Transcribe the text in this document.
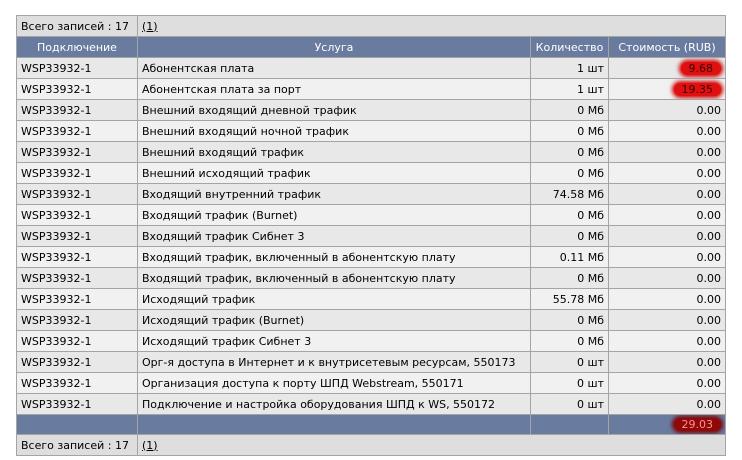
Всего записей : 17	(1)		
Подключение	Услуга	Количество	Стоимость (RUB)
WSP33932-1	Абонентская плата	1 шт	9.68
WSP33932-1	Абонентская плата за порт	1 шт	19.35
WSP33932-1	Внешний входящий дневной трафик	0 Мб	0.00
WSP33932-1	Внешний входящий ночной трафик	0 Мб	0.00
WSP33932-1	Внешний входящий трафик	0 Мб	0.00
WSP33932-1	Внешний исходящий трафик	0 Мб	0.00
WSP33932-1	Входящий внутренний трафик	74.58 Мб	0.00
WSP33932-1	Входящий трафик (Burnet)	0 Мб	0.00
WSP33932-1	Входящий трафик Сибнет 3	0 Мб	0.00
WSP33932-1	Входящий трафик, включенный в абонентскую плату	0.11 Мб	0.00
WSP33932-1	Входящий трафик, включенный в абонентскую плату	0 Мб	0.00
WSP33932-1	Исходящий трафик	55.78 Мб	0.00
WSP33932-1	Исходящий трафик (Burnet)	0 Мб	0.00
WSP33932-1	Исходящий трафик Сибнет 3	0 Мб	0.00
WSP33932-1	Орг-я доступа в Интернет и к внутрисетевым ресурсам, 550173	0 шт	0.00
WSP33932-1	Организация доступа к порту ШПД Webstream, 550171	0 шт	0.00
WSP33932-1	Подключение и настройка оборудования ШПД к WS, 550172	0 шт	0.00
			29.03
Всего записей : 17	(1)		
